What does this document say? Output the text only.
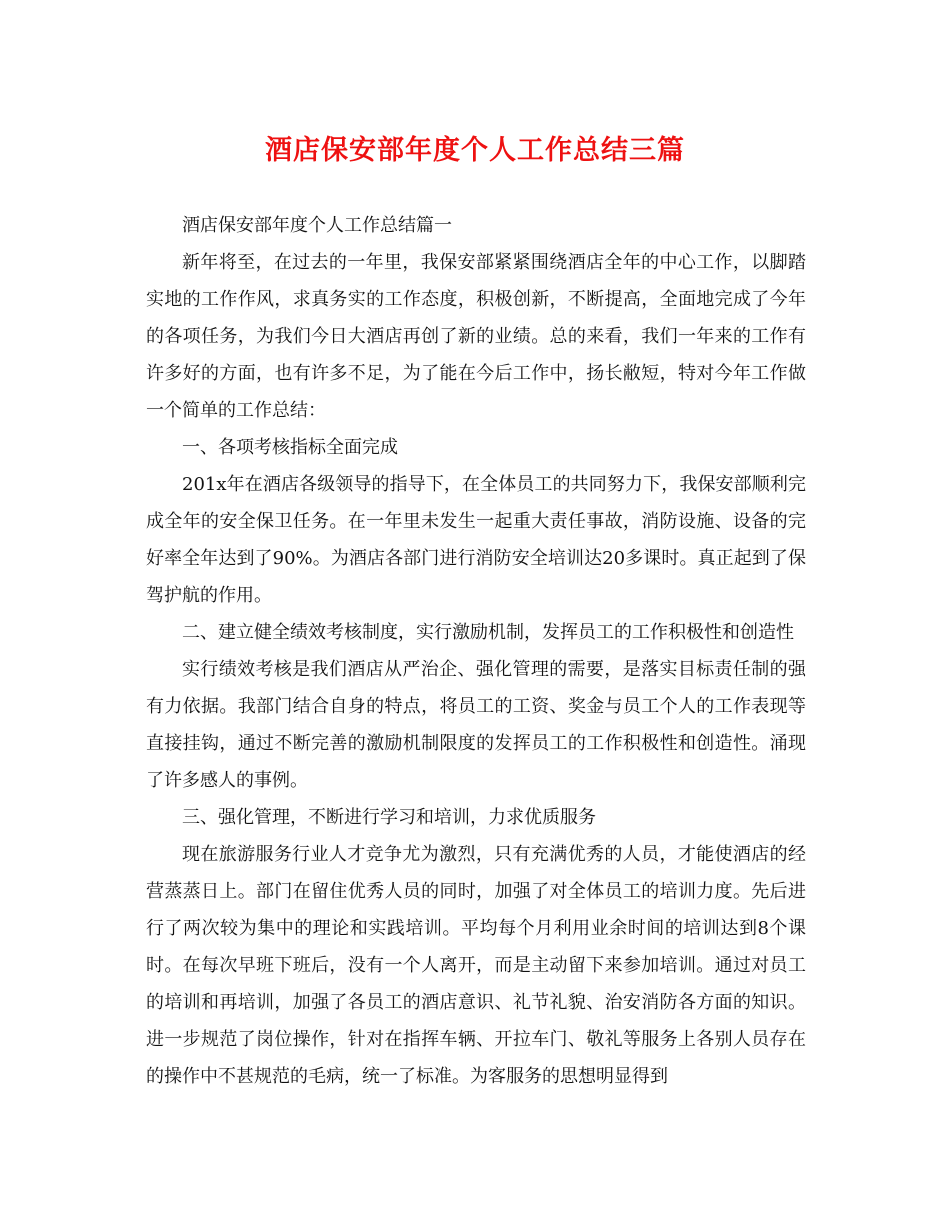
酒店保安部年度个人工作总结三篇

酒店保安部年度个人工作总结篇一

新年将至，在过去的一年里，我保安部紧紧围绕酒店全年的中心工作，以脚踏实地的工作作风，求真务实的工作态度，积极创新，不断提高，全面地完成了今年的各项任务，为我们今日大酒店再创了新的业绩。总的来看，我们一年来的工作有许多好的方面，也有许多不足，为了能在今后工作中，扬长敝短，特对今年工作做一个简单的工作总结：

一、各项考核指标全面完成

201x年在酒店各级领导的指导下，在全体员工的共同努力下，我保安部顺利完成全年的安全保卫任务。在一年里未发生一起重大责任事故，消防设施、设备的完好率全年达到了90%。为酒店各部门进行消防安全培训达20多课时。真正起到了保驾护航的作用。

二、建立健全绩效考核制度，实行激励机制，发挥员工的工作积极性和创造性

实行绩效考核是我们酒店从严治企、强化管理的需要，是落实目标责任制的强有力依据。我部门结合自身的特点，将员工的工资、奖金与员工个人的工作表现等直接挂钩，通过不断完善的激励机制限度的发挥员工的工作积极性和创造性。涌现了许多感人的事例。

三、强化管理，不断进行学习和培训，力求优质服务

现在旅游服务行业人才竞争尤为激烈，只有充满优秀的人员，才能使酒店的经营蒸蒸日上。部门在留住优秀人员的同时，加强了对全体员工的培训力度。先后进行了两次较为集中的理论和实践培训。平均每个月利用业余时间的培训达到8个课时。在每次早班下班后，没有一个人离开，而是主动留下来参加培训。通过对员工的培训和再培训，加强了各员工的酒店意识、礼节礼貌、治安消防各方面的知识。进一步规范了岗位操作，针对在指挥车辆、开拉车门、敬礼等服务上各别人员存在的操作中不甚规范的毛病，统一了标准。为客服务的思想明显得到
